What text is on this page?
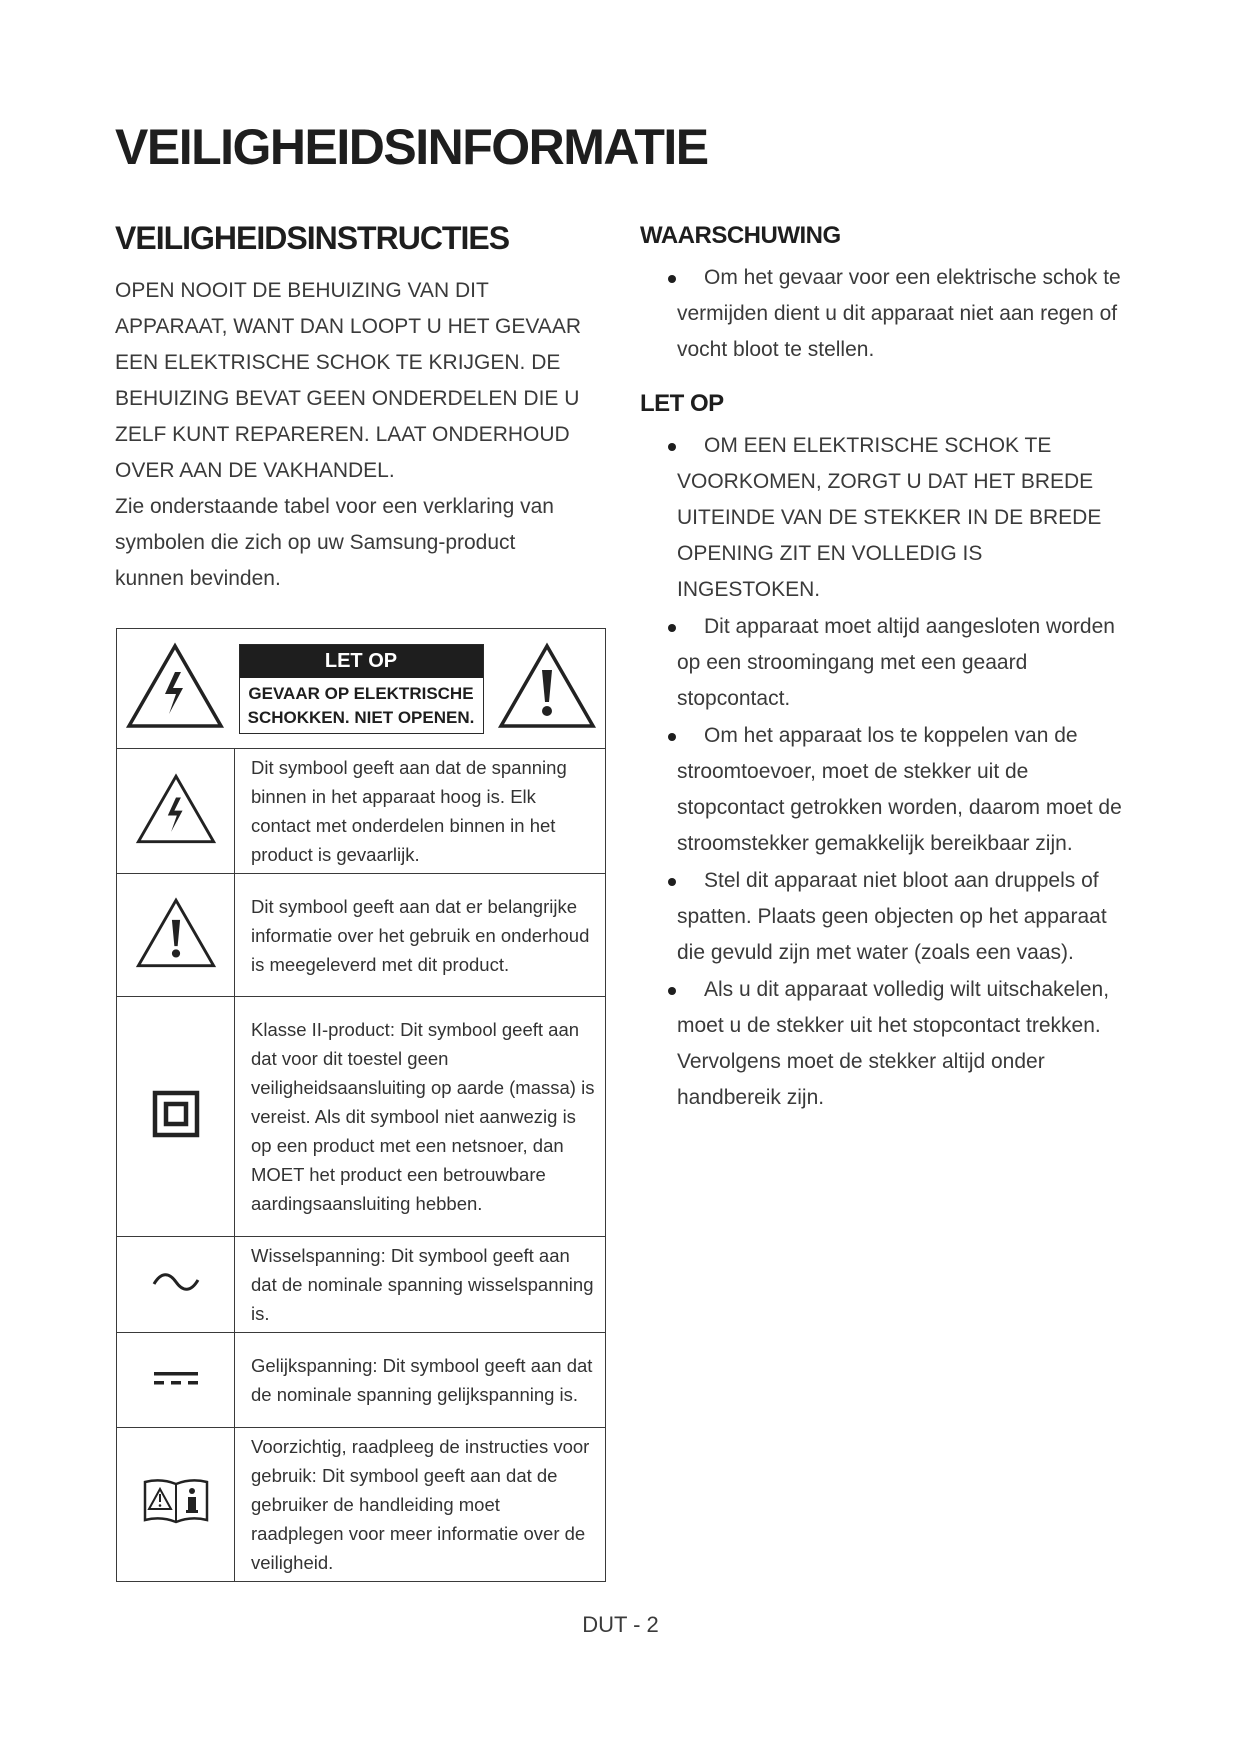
VEILIGHEIDSINFORMATIE
VEILIGHEIDSINSTRUCTIES

OPEN NOOIT DE BEHUIZING VAN DIT APPARAAT, WANT DAN LOOPT U HET GEVAAR EEN ELEKTRISCHE SCHOK TE KRIJGEN. DE BEHUIZING BEVAT GEEN ONDERDELEN DIE U ZELF KUNT REPAREREN. LAAT ONDERHOUD OVER AAN DE VAKHANDEL.

Zie onderstaande tabel voor een verklaring van symbolen die zich op uw Samsung-product kunnen bevinden.

LET OP
GEVAAR OP ELEKTRISCHE
SCHOKKEN. NIET OPENEN.	

	Dit symbool geeft aan dat de spanning binnen in het apparaat hoog is. Elk contact met onderdelen binnen in het product is gevaarlijk.
	Dit symbool geeft aan dat er belangrijke informatie over het gebruik en onderhoud is meegeleverd met dit product.
	Klasse II-product: Dit symbool geeft aan dat voor dit toestel geen veiligheidsaansluiting op aarde (massa) is vereist. Als dit symbool niet aanwezig is op een product met een netsnoer, dan MOET het product een betrouwbare aardingsaansluiting hebben.
	Wisselspanning: Dit symbool geeft aan dat de nominale spanning wisselspanning is.
	Gelijkspanning: Dit symbool geeft aan dat de nominale spanning gelijkspanning is.
	Voorzichtig, raadpleeg de instructies voor gebruik: Dit symbool geeft aan dat de gebruiker de handleiding moet raadplegen voor meer informatie over de veiligheid.
WAARSCHUWING
Om het gevaar voor een elektrische schok te vermijden dient u dit apparaat niet aan regen of vocht bloot te stellen.
LET OP
OM EEN ELEKTRISCHE SCHOK TE VOORKOMEN, ZORGT U DAT HET BREDE UITEINDE VAN DE STEKKER IN DE BREDE OPENING ZIT EN VOLLEDIG IS INGESTOKEN.
Dit apparaat moet altijd aangesloten worden op een stroomingang met een geaard stopcontact.
Om het apparaat los te koppelen van de stroomtoevoer, moet de stekker uit de stopcontact getrokken worden, daarom moet de stroomstekker gemakkelijk bereikbaar zijn.
Stel dit apparaat niet bloot aan druppels of spatten. Plaats geen objecten op het apparaat die gevuld zijn met water (zoals een vaas).
Als u dit apparaat volledig wilt uitschakelen, moet u de stekker uit het stopcontact trekken. Vervolgens moet de stekker altijd onder handbereik zijn.
DUT - 2
